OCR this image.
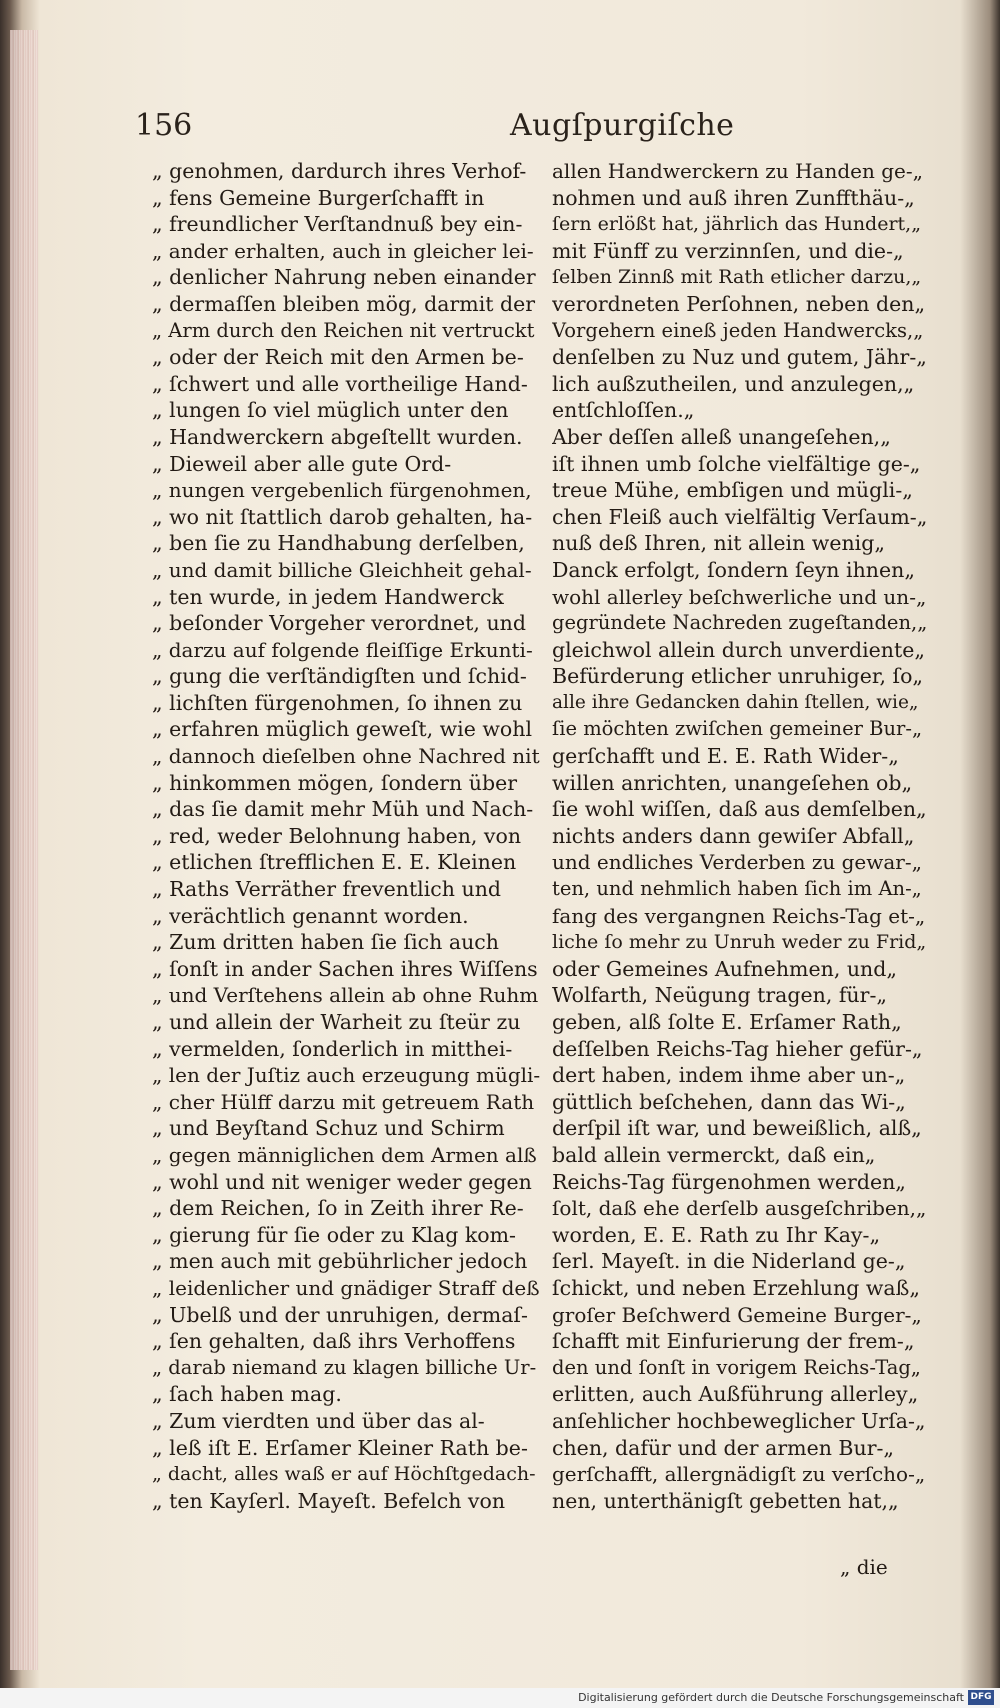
156	Augſpurgiſche
„ genohmen, dardurch ihres Verhof-
„ fens Gemeine Burgerſchafft in
„ freundlicher Verſtandnuß bey ein-
„ ander erhalten, auch in gleicher lei-
„ denlicher Nahrung neben einander
„ dermaſſen bleiben mög, darmit der
„ Arm durch den Reichen nit vertruckt
„ oder der Reich mit den Armen be-
„ ſchwert und alle vortheilige Hand-
„ lungen ſo viel müglich unter den
„ Handwerckern abgeſtellt wurden.
„ Dieweil aber alle gute Ord-
„ nungen vergebenlich fürgenohmen,
„ wo nit ſtattlich darob gehalten, ha-
„ ben ſie zu Handhabung derſelben,
„ und damit billiche Gleichheit gehal-
„ ten wurde, in jedem Handwerck
„ beſonder Vorgeher verordnet, und
„ darzu auf folgende fleiſſige Erkunti-
„ gung die verſtändigſten und ſchid-
„ lichſten fürgenohmen, ſo ihnen zu
„ erfahren müglich geweſt, wie wohl
„ dannoch dieſelben ohne Nachred nit
„ hinkommen mögen, ſondern über
„ das ſie damit mehr Müh und Nach-
„ red, weder Belohnung haben, von
„ etlichen ſtrefflichen E. E. Kleinen
„ Raths Verräther freventlich und
„ verächtlich genannt worden.
„ Zum dritten haben ſie ſich auch
„ ſonſt in ander Sachen ihres Wiſſens
„ und Verſtehens allein ab ohne Ruhm
„ und allein der Warheit zu ſteür zu
„ vermelden, ſonderlich in mitthei-
„ len der Juſtiz auch erzeugung mügli-
„ cher Hülff darzu mit getreuem Rath
„ und Beyſtand Schuz und Schirm
„ gegen männiglichen dem Armen alß
„ wohl und nit weniger weder gegen
„ dem Reichen, ſo in Zeith ihrer Re-
„ gierung für ſie oder zu Klag kom-
„ men auch mit gebührlicher jedoch
„ leidenlicher und gnädiger Straff deß
„ Ubelß und der unruhigen, dermaſ-
„ ſen gehalten, daß ihrs Verhoffens
„ darab niemand zu klagen billiche Ur-
„ ſach haben mag.
„ Zum vierdten und über das al-
„ leß iſt E. Erſamer Kleiner Rath be-
„ dacht, alles waß er auf Höchſtgedach-
„ ten Kayſerl. Mayeſt. Befelch von
allen Handwerckern zu Handen ge-„
nohmen und auß ihren Zunffthäu-„
ſern erlößt hat, jährlich das Hundert,„
mit Fünff zu verzinnſen, und die-„
ſelben Zinnß mit Rath etlicher darzu,„
verordneten Perſohnen, neben den„
Vorgehern eineß jeden Handwercks,„
denſelben zu Nuz und gutem, Jähr-„
lich außzutheilen, und anzulegen,„
entſchloſſen.„
Aber deſſen alleß unangeſehen,„
iſt ihnen umb ſolche vielfältige ge-„
treue Mühe, embſigen und mügli-„
chen Fleiß auch vielfältig Verſaum-„
nuß deß Ihren, nit allein wenig„
Danck erfolgt, ſondern ſeyn ihnen„
wohl allerley beſchwerliche und un-„
gegründete Nachreden zugeſtanden,„
gleichwol allein durch unverdiente„
Befürderung etlicher unruhiger, ſo„
alle ihre Gedancken dahin ſtellen, wie„
ſie möchten zwiſchen gemeiner Bur-„
gerſchafft und E. E. Rath Wider-„
willen anrichten, unangeſehen ob„
ſie wohl wiſſen, daß aus demſelben„
nichts anders dann gewiſer Abfall„
und endliches Verderben zu gewar-„
ten, und nehmlich haben ſich im An-„
fang des vergangnen Reichs-Tag et-„
liche ſo mehr zu Unruh weder zu Frid„
oder Gemeines Aufnehmen, und„
Wolfarth, Neügung tragen, für-„
geben, alß ſolte E. Erſamer Rath„
deſſelben Reichs-Tag hieher gefür-„
dert haben, indem ihme aber un-„
güttlich beſchehen, dann das Wi-„
derſpil iſt war, und beweißlich, alß„
bald allein vermerckt, daß ein„
Reichs-Tag fürgenohmen werden„
ſolt, daß ehe derſelb ausgeſchriben,„
worden, E. E. Rath zu Ihr Kay-„
ſerl. Mayeſt. in die Niderland ge-„
ſchickt, und neben Erzehlung waß„
groſer Beſchwerd Gemeine Burger-„
ſchafft mit Einfurierung der frem-„
den und ſonſt in vorigem Reichs-Tag„
erlitten, auch Außführung allerley„
anſehlicher hochbeweglicher Urſa-„
chen, dafür und der armen Bur-„
gerſchafft, allergnädigſt zu verſcho-„
nen, unterthänigſt gebetten hat,„
„ die
Digitalisierung gefördert durch die Deutsche Forschungsgemeinschaft DFG
